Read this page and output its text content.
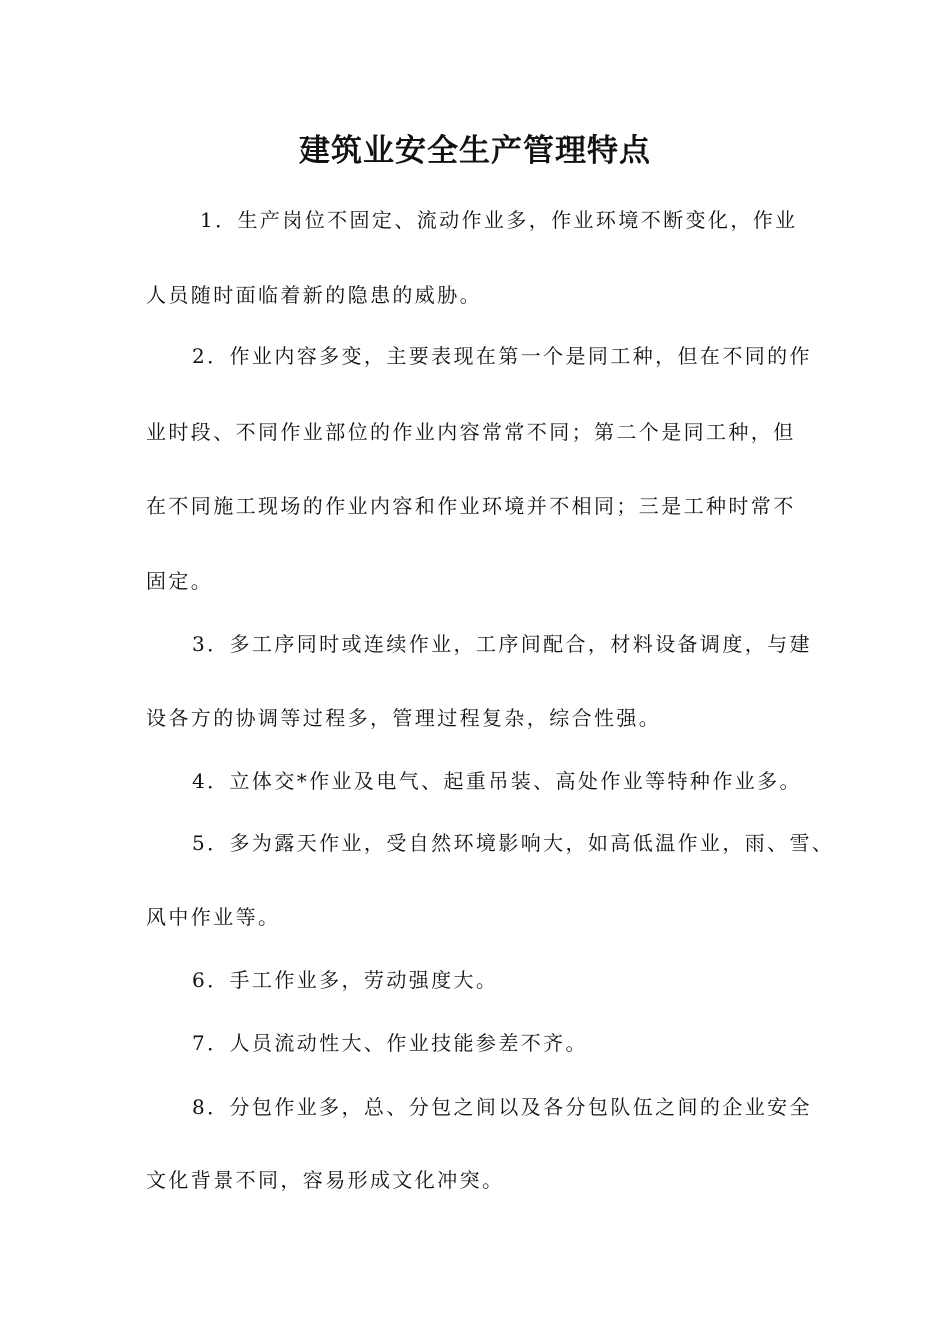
建筑业安全生产管理特点

1．生产岗位不固定、流动作业多，作业环境不断变化，作业

人员随时面临着新的隐患的威胁。

2．作业内容多变，主要表现在第一个是同工种，但在不同的作

业时段、不同作业部位的作业内容常常不同；第二个是同工种，但

在不同施工现场的作业内容和作业环境并不相同；三是工种时常不

固定。

3．多工序同时或连续作业，工序间配合，材料设备调度，与建

设各方的协调等过程多，管理过程复杂，综合性强。

4．立体交*作业及电气、起重吊装、高处作业等特种作业多。

5．多为露天作业，受自然环境影响大，如高低温作业，雨、雪、

风中作业等。

6．手工作业多，劳动强度大。

7．人员流动性大、作业技能参差不齐。

8．分包作业多，总、分包之间以及各分包队伍之间的企业安全

文化背景不同，容易形成文化冲突。
